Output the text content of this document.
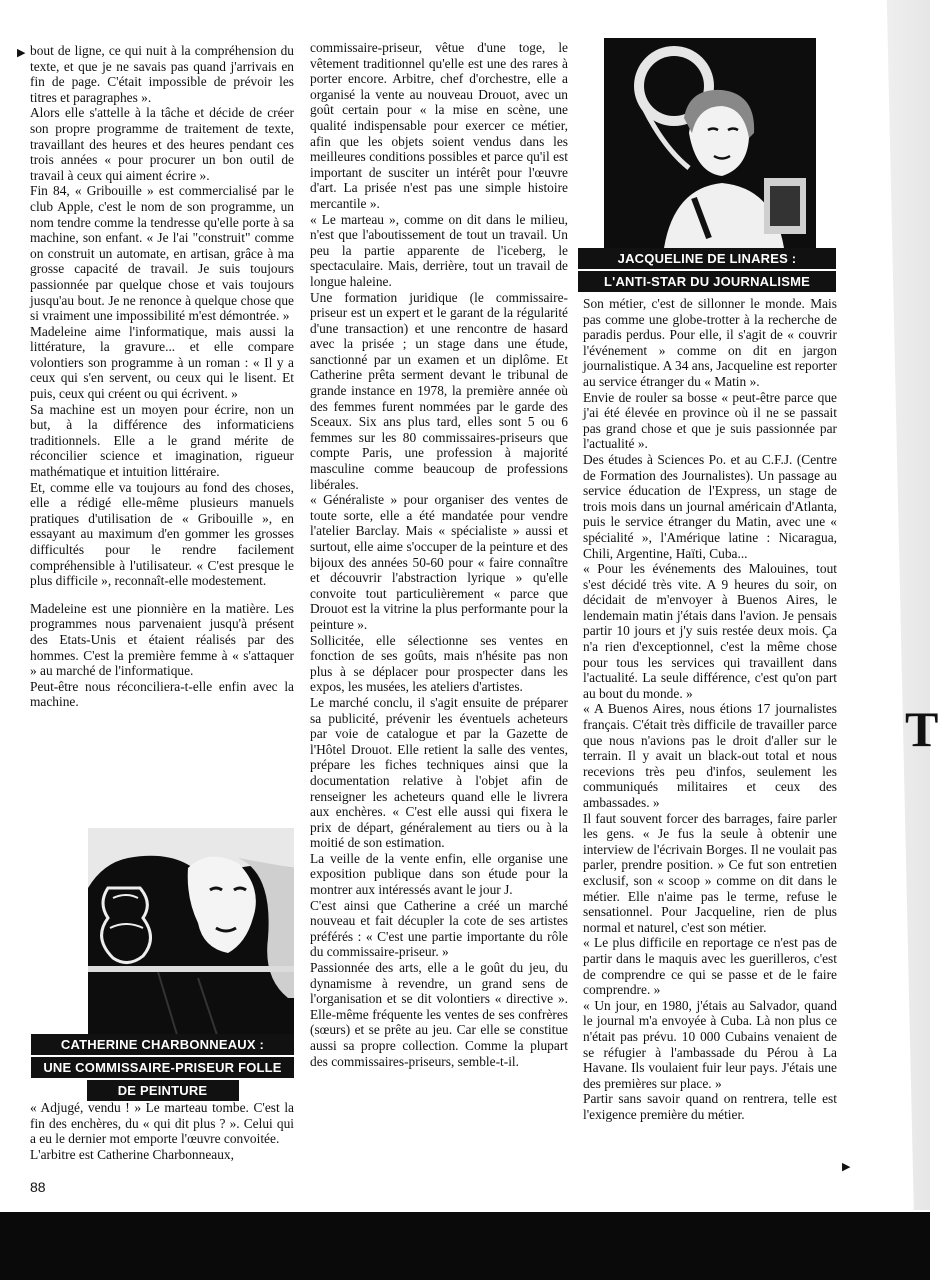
T
▶ bout de ligne, ce qui nuit à la compréhension du texte, et que je ne savais pas quand j'arrivais en fin de page. C'était impossible de prévoir les titres et paragraphes ».

Alors elle s'attelle à la tâche et décide de créer son propre programme de traitement de texte, travaillant des heures et des heures pendant ces trois années « pour procurer un bon outil de travail à ceux qui aiment écrire ».

Fin 84, « Gribouille » est commercialisé par le club Apple, c'est le nom de son programme, un nom tendre comme la tendresse qu'elle porte à sa machine, son enfant. « Je l'ai "construit" comme on construit un automate, en artisan, grâce à ma grosse capacité de travail. Je suis toujours passionnée par quelque chose et vais toujours jusqu'au bout. Je ne renonce à quelque chose que si vraiment une impossibilité m'est démontrée. »

Madeleine aime l'informatique, mais aussi la littérature, la gravure... et elle compare volontiers son programme à un roman : « Il y a ceux qui s'en servent, ou ceux qui le lisent. Et puis, ceux qui créent ou qui écrivent. »

Sa machine est un moyen pour écrire, non un but, à la différence des informaticiens traditionnels. Elle a le grand mérite de réconcilier science et imagination, rigueur mathématique et intuition littéraire.

Et, comme elle va toujours au fond des choses, elle a rédigé elle-même plusieurs manuels pratiques d'utilisation de « Gribouille », en essayant au maximum d'en gommer les grosses difficultés pour le rendre facilement compréhensible à l'utilisateur. « C'est presque le plus difficile », reconnaît-elle modestement.

Madeleine est une pionnière en la matière. Les programmes nous parvenaient jusqu'à présent des Etats-Unis et étaient réalisés par des hommes. C'est la première femme à « s'attaquer » au marché de l'informatique.

Peut-être nous réconciliera-t-elle enfin avec la machine.

CATHERINE CHARBONNEAUX :
UNE COMMISSAIRE-PRISEUR FOLLE
DE PEINTURE

« Adjugé, vendu ! » Le marteau tombe. C'est la fin des enchères, du « qui dit plus ? ». Celui qui a eu le dernier mot emporte l'œuvre convoitée.

L'arbitre est Catherine Charbonneaux,

88

commissaire-priseur, vêtue d'une toge, le vêtement traditionnel qu'elle est une des rares à porter encore. Arbitre, chef d'orchestre, elle a organisé la vente au nouveau Drouot, avec un goût certain pour « la mise en scène, une qualité indispensable pour exercer ce métier, afin que les objets soient vendus dans les meilleures conditions possibles et parce qu'il est important de susciter un intérêt pour l'œuvre d'art. La prisée n'est pas une simple histoire mercantile ».

« Le marteau », comme on dit dans le milieu, n'est que l'aboutissement de tout un travail. Un peu la partie apparente de l'iceberg, le spectaculaire. Mais, derrière, tout un travail de longue haleine.

Une formation juridique (le commissaire-priseur est un expert et le garant de la régularité d'une transaction) et une rencontre de hasard avec la prisée ; un stage dans une étude, sanctionné par un examen et un diplôme. Et Catherine prêta serment devant le tribunal de grande instance en 1978, la première année où des femmes furent nommées par le garde des Sceaux. Six ans plus tard, elles sont 5 ou 6 femmes sur les 80 commissaires-priseurs que compte Paris, une profession à majorité masculine comme beaucoup de professions libérales.

« Généraliste » pour organiser des ventes de toute sorte, elle a été mandatée pour vendre l'atelier Barclay. Mais « spécialiste » aussi et surtout, elle aime s'occuper de la peinture et des bijoux des années 50-60 pour « faire connaître et découvrir l'abstraction lyrique » qu'elle convoite tout particulièrement « parce que Drouot est la vitrine la plus performante pour la peinture ».

Sollicitée, elle sélectionne ses ventes en fonction de ses goûts, mais n'hésite pas non plus à se déplacer pour prospecter dans les expos, les musées, les ateliers d'artistes.

Le marché conclu, il s'agit ensuite de préparer sa publicité, prévenir les éventuels acheteurs par voie de catalogue et par la Gazette de l'Hôtel Drouot. Elle retient la salle des ventes, prépare les fiches techniques ainsi que la documentation relative à l'objet afin de renseigner les acheteurs quand elle le livrera aux enchères. « C'est elle aussi qui fixera le prix de départ, généralement au tiers ou à la moitié de son estimation.

La veille de la vente enfin, elle organise une exposition publique dans son étude pour la montrer aux intéressés avant le jour J.

C'est ainsi que Catherine a créé un marché nouveau et fait décupler la cote de ses artistes préférés : « C'est une partie importante du rôle du commissaire-priseur. »

Passionnée des arts, elle a le goût du jeu, du dynamisme à revendre, un grand sens de l'organisation et se dit volontiers « directive ». Elle-même fréquente les ventes de ses confrères (sœurs) et se prête au jeu. Car elle se constitue aussi sa propre collection. Comme la plupart des commissaires-priseurs, semble-t-il.

JACQUELINE DE LINARES :
L'ANTI-STAR DU JOURNALISME

Son métier, c'est de sillonner le monde. Mais pas comme une globe-trotter à la recherche de paradis perdus. Pour elle, il s'agit de « couvrir l'événement » comme on dit en jargon journalistique. A 34 ans, Jacqueline est reporter au service étranger du « Matin ».

Envie de rouler sa bosse « peut-être parce que j'ai été élevée en province où il ne se passait pas grand chose et que je suis passionnée par l'actualité ».

Des études à Sciences Po. et au C.F.J. (Centre de Formation des Journalistes). Un passage au service éducation de l'Express, un stage de trois mois dans un journal américain d'Atlanta, puis le service étranger du Matin, avec une « spécialité », l'Amérique latine : Nicaragua, Chili, Argentine, Haïti, Cuba...

« Pour les événements des Malouines, tout s'est décidé très vite. A 9 heures du soir, on décidait de m'envoyer à Buenos Aires, le lendemain matin j'étais dans l'avion. Je pensais partir 10 jours et j'y suis restée deux mois. Ça n'a rien d'exceptionnel, c'est la même chose pour tous les services qui travaillent dans l'actualité. La seule différence, c'est qu'on part au bout du monde. »

« A Buenos Aires, nous étions 17 journalistes français. C'était très difficile de travailler parce que nous n'avions pas le droit d'aller sur le terrain. Il y avait un black-out total et nous recevions très peu d'infos, seulement les communiqués militaires et ceux des ambassades. »

Il faut souvent forcer des barrages, faire parler les gens. « Je fus la seule à obtenir une interview de l'écrivain Borges. Il ne voulait pas parler, prendre position. » Ce fut son entretien exclusif, son « scoop » comme on dit dans le métier. Elle n'aime pas le terme, refuse le sensationnel. Pour Jacqueline, rien de plus normal et naturel, c'est son métier.

« Le plus difficile en reportage ce n'est pas de partir dans le maquis avec les guerilleros, c'est de comprendre ce qui se passe et de le faire comprendre. »

« Un jour, en 1980, j'étais au Salvador, quand le journal m'a envoyée à Cuba. Là non plus ce n'était pas prévu. 10 000 Cubains venaient de se réfugier à l'ambassade du Pérou à La Havane. Ils voulaient fuir leur pays. J'étais une des premières sur place. »

Partir sans savoir quand on rentrera, telle est l'exigence première du métier.

▶
